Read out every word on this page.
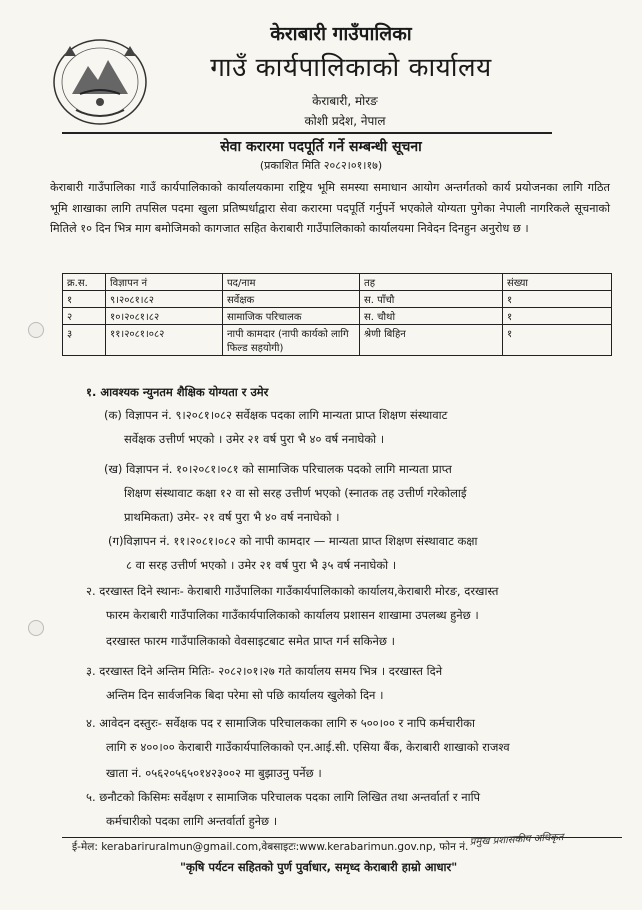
केराबारी गाउँपालिका
गाउँ कार्यपालिकाको कार्यालय
केराबारी, मोरङ
कोशी प्रदेश, नेपाल
सेवा करारमा पदपूर्ति गर्ने सम्बन्धी सूचना
(प्रकाशित मिति २०८२।०१।१७)
केराबारी गाउँपालिका गाउँ कार्यपालिकाको कार्यालयकामा राष्ट्रिय भूमि समस्या समाधान आयोग अन्तर्गतको कार्य प्रयोजनका लागि गठित भूमि शाखाका लागि तपसिल पदमा खुला प्रतिष्पर्धाद्वारा सेवा करारमा पदपूर्ति गर्नुपर्ने भएकोले योग्यता पुगेका नेपाली नागरिकले सूचनाको मितिले १० दिन भित्र माग बमोजिमको कागजात सहित केराबारी गाउँपालिकाको कार्यालयमा निवेदन दिनहुन अनुरोध छ ।
क्र.स.	विज्ञापन नं	पद/नाम	तह	संख्या
१	९।२०८१।८२	सर्वेक्षक	स. पाँचौ	१
२	१०।२०८१।८२	सामाजिक परिचालक	स. चौथो	१
३	११।२०८१।०८२	नापी कामदार (नापी कार्यको लागि फिल्ड सहयोगी)	श्रेणी बिहिन	१
१. आवश्यक न्युनतम शैक्षिक योग्यता र उमेर
(क) विज्ञापन नं. ९।२०८१।०८२ सर्वेक्षक पदका लागि मान्यता प्राप्त शिक्षण संस्थावाट
सर्वेक्षक उत्तीर्ण भएको । उमेर २१ वर्ष पुरा भै ४० वर्ष ननाघेको ।
(ख) विज्ञापन नं. १०।२०८१।०८१ को सामाजिक परिचालक पदको लागि मान्यता प्राप्त
शिक्षण संस्थावाट कक्षा १२ वा सो सरह उत्तीर्ण भएको (स्नातक तह उत्तीर्ण गरेकोलाई
प्राथमिकता) उमेर- २१ वर्ष पुरा भै ४० वर्ष ननाघेको ।
(ग)विज्ञापन नं. ११।२०८१।०८२ को नापी कामदार — मान्यता प्राप्त शिक्षण संस्थावाट कक्षा
८ वा सरह उत्तीर्ण भएको । उमेर २१ वर्ष पुरा भै ३५ वर्ष ननाघेको ।
२. दरखास्त दिने स्थानः- केराबारी गाउँपालिका गाउँकार्यपालिकाको कार्यालय,केराबारी मोरङ, दरखास्त
फारम केराबारी गाउँपालिका गाउँकार्यपालिकाको कार्यालय प्रशासन शाखामा उपलब्ध हुनेछ ।
दरखास्त फारम गाउँपालिकाको वेवसाइटबाट समेत प्राप्त गर्न सकिनेछ ।
३. दरखास्त दिने अन्तिम मितिः- २०८२।०१।२७ गते कार्यालय समय भित्र । दरखास्त दिने
अन्तिम दिन सार्वजनिक बिदा परेमा सो पछि कार्यालय खुलेको दिन ।
४. आवेदन दस्तुरः- सर्वेक्षक पद र सामाजिक परिचालकका लागि रु ५००।०० र नापि कर्मचारीका
लागि रु ४००।०० केराबारी गाउँकार्यपालिकाको एन.आई.सी. एसिया बैंक, केराबारी शाखाको राजश्व
खाता नं. ०५६२०५६५०१४२३००२ मा बुझाउनु पर्नेछ ।
५. छनौटको किसिमः सर्वेक्षण र सामाजिक परिचालक पदका लागि लिखित तथा अन्तर्वार्ता र नापि
कर्मचारीको पदका लागि अन्तर्वार्ता हुनेछ ।
ई-मेल: kerabariruralmun@gmail.com,वेबसाइटः:www.kerabarimun.gov.np, फोन नं.
"कृषि पर्यटन सहितको पुर्ण पुर्वाधार, समृध्द केराबारी हाम्रो आधार"
प्रमुख प्रशासकीय अधिकृत
